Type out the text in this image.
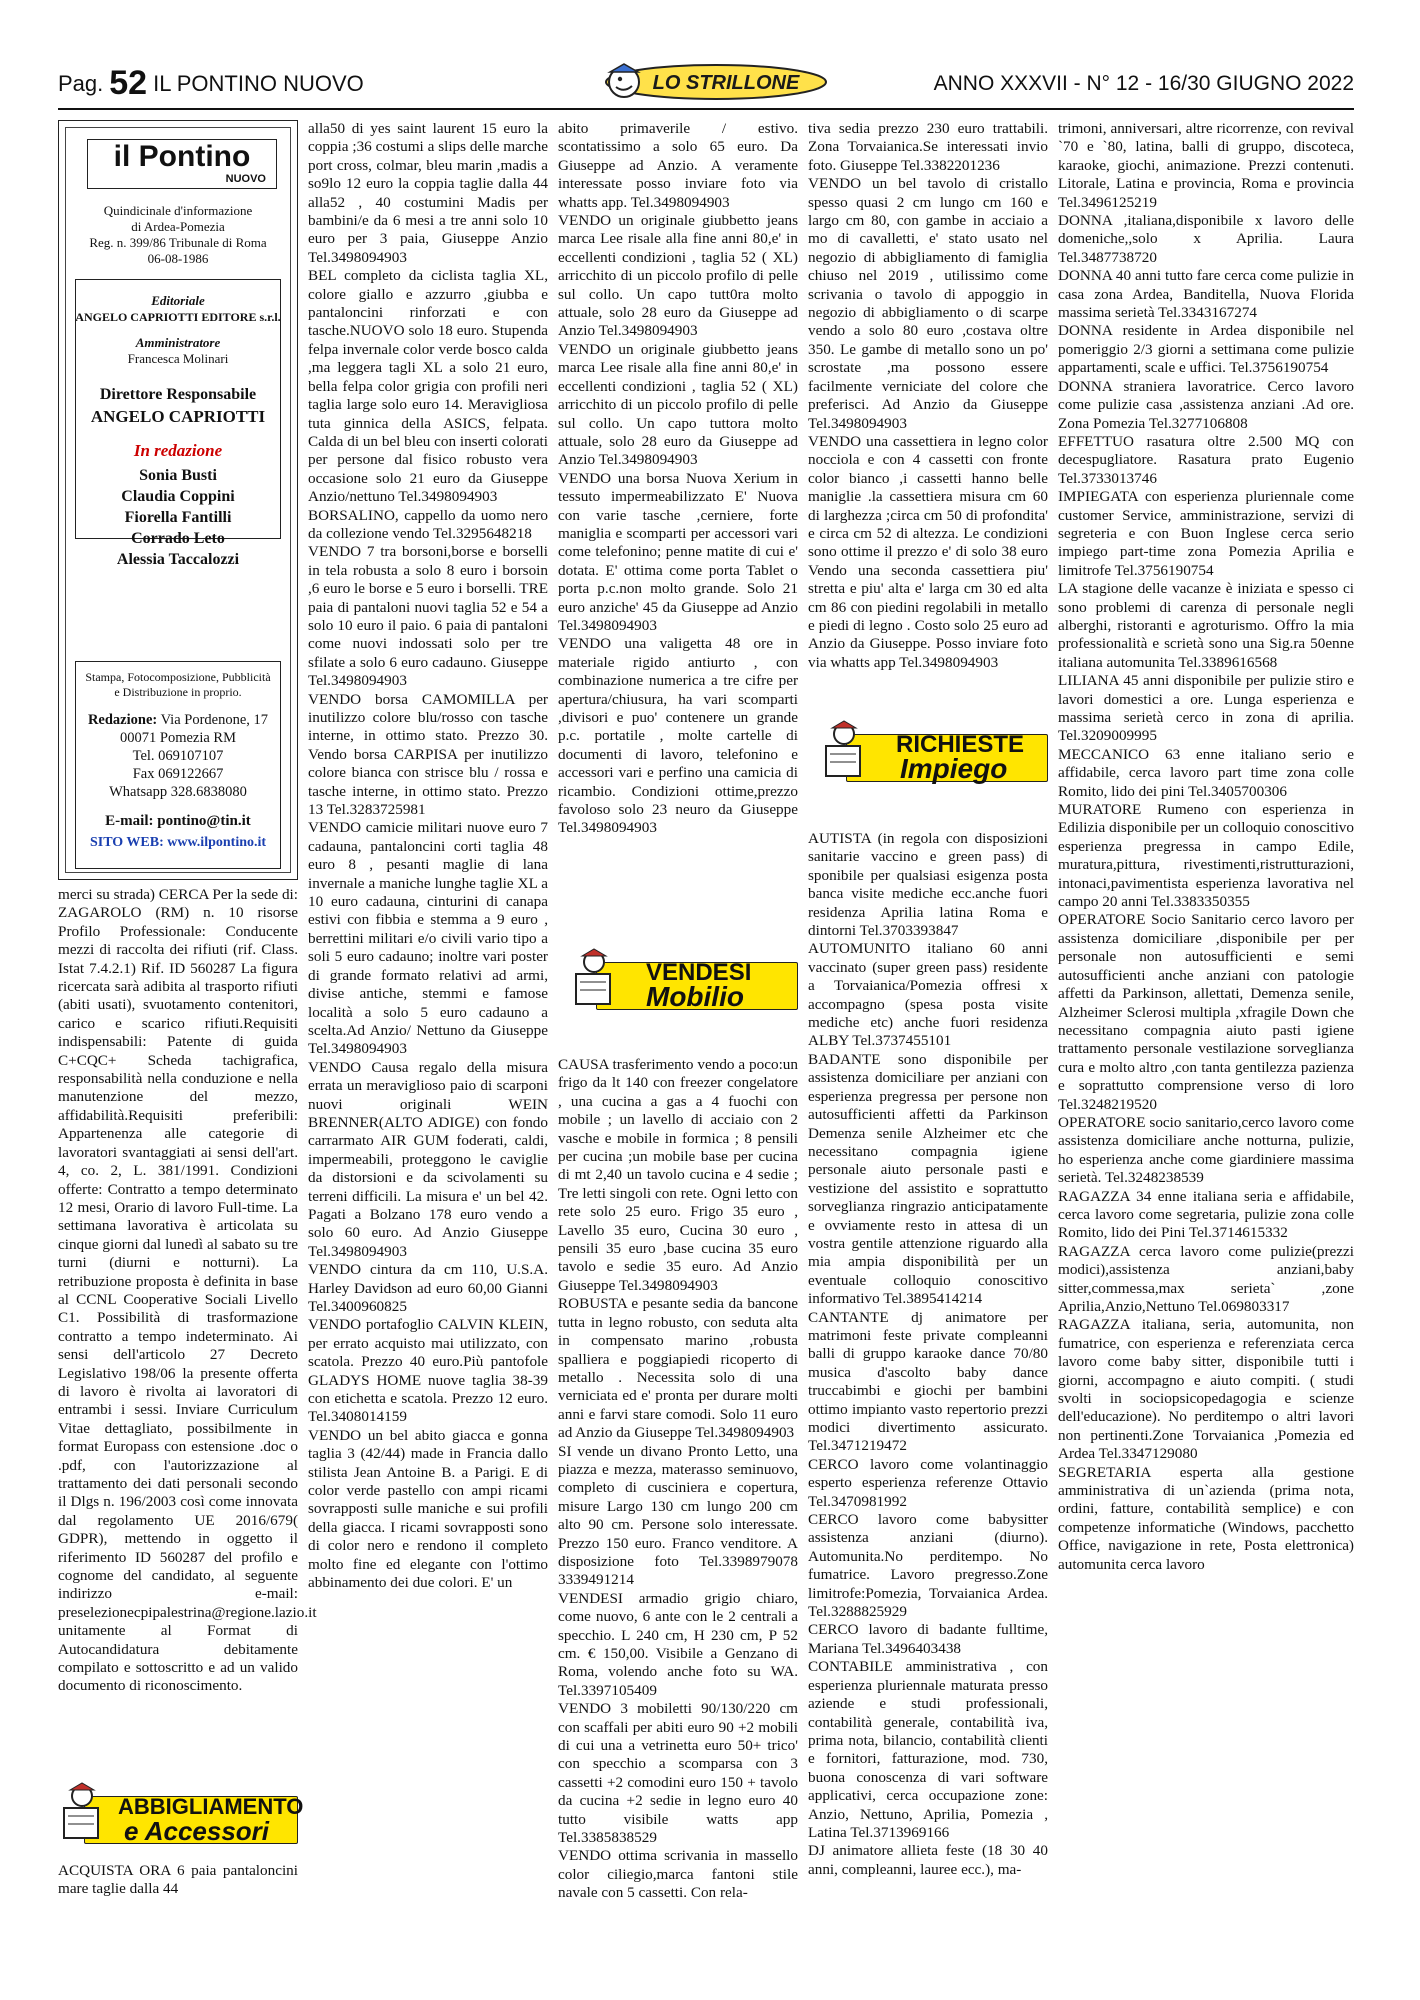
Pag. 52 IL PONTINO NUOVO	LO STRILLONE	ANNO XXXVII - N° 12 - 16/30 GIUGNO 2022
il Pontino
NUOVO
Quindicinale d'informazione
di Ardea-Pomezia
Reg. n. 399/86 Tribunale di Roma
06-08-1986
Editoriale
ANGELO CAPRIOTTI EDITORE s.r.l.
Amministratore
Francesca Molinari
Direttore Responsabile
ANGELO CAPRIOTTI
In redazione
Sonia Busti
Claudia Coppini
Fiorella Fantilli
Corrado Leto
Alessia Taccalozzi
Stampa, Fotocomposizione, Pubblicità
e Distribuzione in proprio.
Redazione: Via Pordenone, 17
00071 Pomezia RM
Tel. 069107107
Fax 069122667
Whatsapp 328.6838080
E-mail: pontino@tin.it
SITO WEB: www.ilpontino.it

merci su strada) CERCA Per la sede di: ZAGAROLO (RM) n. 10 risorse Profilo Professionale: Conducente mezzi di raccolta dei rifiuti (rif. Class. Istat 7.4.2.1) Rif. ID 560287 La figura ricercata sarà adibita al trasporto rifiuti (abiti usati), svuotamento contenitori, carico e scarico rifiuti.Requisiti indispensabili: Patente di guida C+CQC+ Scheda tachigrafica, responsabilità nella conduzione e nella manutenzione del mezzo, affidabilità.Requisiti preferibili: Appartenenza alle categorie di lavoratori svantaggiati ai sensi dell'art. 4, co. 2, L. 381/1991. Condizioni offerte: Contratto a tempo determinato 12 mesi, Orario di lavoro Full-time. La settimana lavorativa è articolata su cinque giorni dal lunedì al sabato su tre turni (diurni e notturni). La retribuzione proposta è definita in base al CCNL Cooperative Sociali Livello C1. Possibilità di trasformazione contratto a tempo indeterminato. Ai sensi dell'articolo 27 Decreto Legislativo 198/06 la presente offerta di lavoro è rivolta ai lavoratori di entrambi i sessi. Inviare Curriculum Vitae dettagliato, possibilmente in format Europass con estensione .doc o .pdf, con l'autorizzazione al trattamento dei dati personali secondo il Dlgs n. 196/2003 così come innovata dal regolamento UE 2016/679( GDPR), mettendo in oggetto il riferimento ID 560287 del profilo e cognome del candidato, al seguente indirizzo e-mail: preselezionecpipalestrina@regione.lazio.it unitamente al Format di Autocandidatura debitamente compilato e sottoscritto e ad un valido documento di riconoscimento.

ABBIGLIAMENTO
e Accessori

ACQUISTA ORA 6 paia pantaloncini mare taglie dalla 44

alla50 di yes saint laurent 15 euro la coppia ;36 costumi a slips delle marche port cross, colmar, bleu marin ,madis a so9lo 12 euro la coppia taglie dalla 44 alla52 , 40 costumini Madis per bambini/e da 6 mesi a tre anni solo 10 euro per 3 paia, Giuseppe Anzio Tel.3498094903

BEL completo da ciclista taglia XL, colore giallo e azzurro ,giubba e pantaloncini rinforzati e con tasche.NUOVO solo 18 euro. Stupenda felpa invernale color verde bosco calda ,ma leggera tagli XL a solo 21 euro, bella felpa color grigia con profili neri taglia large solo euro 14. Meravigliosa tuta ginnica della ASICS, felpata. Calda di un bel bleu con inserti colorati per persone dal fisico robusto vera occasione solo 21 euro da Giuseppe Anzio/nettuno Tel.3498094903

BORSALINO, cappello da uomo nero da collezione vendo Tel.3295648218

VENDO 7 tra borsoni,borse e borselli in tela robusta a solo 8 euro i borsoin ,6 euro le borse e 5 euro i borselli. TRE paia di pantaloni nuovi taglia 52 e 54 a solo 10 euro il paio. 6 paia di pantaloni come nuovi indossati solo per tre sfilate a solo 6 euro cadauno. Giuseppe Tel.3498094903

VENDO borsa CAMOMILLA per inutilizzo colore blu/rosso con tasche interne, in ottimo stato. Prezzo 30. Vendo borsa CARPISA per inutilizzo colore bianca con strisce blu / rossa e tasche interne, in ottimo stato. Prezzo 13 Tel.3283725981

VENDO camicie militari nuove euro 7 cadauna, pantaloncini corti taglia 48 euro 8 , pesanti maglie di lana invernale a maniche lunghe taglie XL a 10 euro cadauna, cinturini di canapa estivi con fibbia e stemma a 9 euro , berrettini militari e/o civili vario tipo a soli 5 euro cadauno; inoltre vari poster di grande formato relativi ad armi, divise antiche, stemmi e famose località a solo 5 euro cadauno a scelta.Ad Anzio/ Nettuno da Giuseppe Tel.3498094903

VENDO Causa regalo della misura errata un meraviglioso paio di scarponi nuovi originali WEIN BRENNER(ALTO ADIGE) con fondo carrarmato AIR GUM foderati, caldi, impermeabili, proteggono le caviglie da distorsioni e da scivolamenti su terreni difficili. La misura e' un bel 42. Pagati a Bolzano 178 euro vendo a solo 60 euro. Ad Anzio Giuseppe Tel.3498094903

VENDO cintura da cm 110, U.S.A. Harley Davidson ad euro 60,00 Gianni Tel.3400960825

VENDO portafoglio CALVIN KLEIN, per errato acquisto mai utilizzato, con scatola. Prezzo 40 euro.Più pantofole GLADYS HOME nuove taglia 38-39 con etichetta e scatola. Prezzo 12 euro. Tel.3408014159

VENDO un bel abito giacca e gonna taglia 3 (42/44) made in Francia dallo stilista Jean Antoine B. a Parigi. E di color verde pastello con ampi ricami sovrapposti sulle maniche e sui profili della giacca. I ricami sovrapposti sono di color nero e rendono il completo molto fine ed elegante con l'ottimo abbinamento dei due colori. E' un

abito primaverile / estivo. scontatissimo a solo 65 euro. Da Giuseppe ad Anzio. A veramente interessate posso inviare foto via whatts app. Tel.3498094903

VENDO un originale giubbetto jeans marca Lee risale alla fine anni 80,e' in eccellenti condizioni , taglia 52 ( XL) arricchito di un piccolo profilo di pelle sul collo. Un capo tutt0ra molto attuale, solo 28 euro da Giuseppe ad Anzio Tel.3498094903

VENDO un originale giubbetto jeans marca Lee risale alla fine anni 80,e' in eccellenti condizioni , taglia 52 ( XL) arricchito di un piccolo profilo di pelle sul collo. Un capo tuttora molto attuale, solo 28 euro da Giuseppe ad Anzio Tel.3498094903

VENDO una borsa Nuova Xerium in tessuto impermeabilizzato E' Nuova con varie tasche ,cerniere, forte maniglia e scomparti per accessori vari come telefonino; penne matite di cui e' dotata. E' ottima come porta Tablet o porta p.c.non molto grande. Solo 21 euro anziche' 45 da Giuseppe ad Anzio Tel.3498094903

VENDO una valigetta 48 ore in materiale rigido antiurto , con combinazione numerica a tre cifre per apertura/chiusura, ha vari scomparti ,divisori e puo' contenere un grande p.c. portatile , molte cartelle di documenti di lavoro, telefonino e accessori vari e perfino una camicia di ricambio. Condizioni ottime,prezzo favoloso solo 23 neuro da Giuseppe Tel.3498094903

VENDESI
Mobilio

CAUSA trasferimento vendo a poco:un frigo da lt 140 con freezer congelatore , una cucina a gas a 4 fuochi con mobile ; un lavello di acciaio con 2 vasche e mobile in formica ; 8 pensili per cucina ;un mobile base per cucina di mt 2,40 un tavolo cucina e 4 sedie ; Tre letti singoli con rete. Ogni letto con rete solo 25 euro. Frigo 35 euro , Lavello 35 euro, Cucina 30 euro , pensili 35 euro ,base cucina 35 euro tavolo e sedie 35 euro. Ad Anzio Giuseppe Tel.3498094903

ROBUSTA e pesante sedia da bancone tutta in legno robusto, con seduta alta in compensato marino ,robusta spalliera e poggiapiedi ricoperto di metallo . Necessita solo di una verniciata ed e' pronta per durare molti anni e farvi stare comodi. Solo 11 euro ad Anzio da Giuseppe Tel.3498094903

SI vende un divano Pronto Letto, una piazza e mezza, materasso seminuovo, completo di cusciniera e copertura, misure Largo 130 cm lungo 200 cm alto 90 cm. Persone solo interessate. Prezzo 150 euro. Franco venditore. A disposizione foto Tel.3398979078 3339491214

VENDESI armadio grigio chiaro, come nuovo, 6 ante con le 2 centrali a specchio. L 240 cm, H 230 cm, P 52 cm. € 150,00. Visibile a Genzano di Roma, volendo anche foto su WA. Tel.3397105409

VENDO 3 mobiletti 90/130/220 cm con scaffali per abiti euro 90 +2 mobili di cui una a vetrinetta euro 50+ trico' con specchio a scomparsa con 3 cassetti +2 comodini euro 150 + tavolo da cucina +2 sedie in legno euro 40 tutto visibile watts app Tel.3385838529

VENDO ottima scrivania in massello color ciliegio,marca fantoni stile navale con 5 cassetti. Con rela-

tiva sedia prezzo 230 euro trattabili. Zona Torvaianica.Se interessati invio foto. Giuseppe Tel.3382201236

VENDO un bel tavolo di cristallo spesso quasi 2 cm lungo cm 160 e largo cm 80, con gambe in acciaio a mo di cavalletti, e' stato usato nel negozio di abbigliamento di famiglia chiuso nel 2019 , utilissimo come scrivania o tavolo di appoggio in negozio di abbigliamento o di scarpe vendo a solo 80 euro ,costava oltre 350. Le gambe di metallo sono un po' scrostate ,ma possono essere facilmente verniciate del colore che preferisci. Ad Anzio da Giuseppe Tel.3498094903

VENDO una cassettiera in legno color nocciola e con 4 cassetti con fronte color bianco ,i cassetti hanno belle maniglie .la cassettiera misura cm 60 di larghezza ;circa cm 50 di profondita' e circa cm 52 di altezza. Le condizioni sono ottime il prezzo e' di solo 38 euro Vendo una seconda cassettiera piu' stretta e piu' alta e' larga cm 30 ed alta cm 86 con piedini regolabili in metallo e piedi di legno . Costo solo 25 euro ad Anzio da Giuseppe. Posso inviare foto via whatts app Tel.3498094903

RICHIESTE
Impiego

AUTISTA (in regola con disposizioni sanitarie vaccino e green pass) di sponibile per qualsiasi esigenza posta banca visite mediche ecc.anche fuori residenza Aprilia latina Roma e dintorni Tel.3703393847

AUTOMUNITO italiano 60 anni vaccinato (super green pass) residente a Torvaianica/Pomezia offresi x accompagno (spesa posta visite mediche etc) anche fuori residenza ALBY Tel.3737455101

BADANTE sono disponibile per assistenza domiciliare per anziani con esperienza pregressa per persone non autosufficienti affetti da Parkinson Demenza senile Alzheimer etc che necessitano compagnia igiene personale aiuto personale pasti e vestizione del assistito e soprattutto sorveglianza ringrazio anticipatamente e ovviamente resto in attesa di un vostra gentile attenzione riguardo alla mia ampia disponibilità per un eventuale colloquio conoscitivo informativo Tel.3895414214

CANTANTE dj animatore per matrimoni feste private compleanni balli di gruppo karaoke dance 70/80 musica d'ascolto baby dance truccabimbi e giochi per bambini ottimo impianto vasto repertorio prezzi modici divertimento assicurato. Tel.3471219472

CERCO lavoro come volantinaggio esperto esperienza referenze Ottavio Tel.3470981992

CERCO lavoro come babysitter assistenza anziani (diurno). Automunita.No perditempo. No fumatrice. Lavoro pregresso.Zone limitrofe:Pomezia, Torvaianica Ardea. Tel.3288825929

CERCO lavoro di badante fulltime, Mariana Tel.3496403438

CONTABILE amministrativa , con esperienza pluriennale maturata presso aziende e studi professionali, contabilità generale, contabilità iva, prima nota, bilancio, contabilità clienti e fornitori, fatturazione, mod. 730, buona conoscenza di vari software applicativi, cerca occupazione zone: Anzio, Nettuno, Aprilia, Pomezia , Latina Tel.3713969166

DJ animatore allieta feste (18 30 40 anni, compleanni, lauree ecc.), ma-

trimoni, anniversari, altre ricorrenze, con revival `70 e `80, latina, balli di gruppo, discoteca, karaoke, giochi, animazione. Prezzi contenuti. Litorale, Latina e provincia, Roma e provincia Tel.3496125219

DONNA ,italiana,disponibile x lavoro delle domeniche,,solo x Aprilia. Laura Tel.3487738720

DONNA 40 anni tutto fare cerca come pulizie in casa zona Ardea, Banditella, Nuova Florida massima serietà Tel.3343167274

DONNA residente in Ardea disponibile nel pomeriggio 2/3 giorni a settimana come pulizie appartamenti, scale e uffici. Tel.3756190754

DONNA straniera lavoratrice. Cerco lavoro come pulizie casa ,assistenza anziani .Ad ore. Zona Pomezia Tel.3277106808

EFFETTUO rasatura oltre 2.500 MQ con decespugliatore. Rasatura prato Eugenio Tel.3733013746

IMPIEGATA con esperienza pluriennale come customer Service, amministrazione, servizi di segreteria e con Buon Inglese cerca serio impiego part-time zona Pomezia Aprilia e limitrofe Tel.3756190754

LA stagione delle vacanze è iniziata e spesso ci sono problemi di carenza di personale negli alberghi, ristoranti e agroturismo. Offro la mia professionalità e scrietà sono una Sig.ra 50enne italiana automunita Tel.3389616568

LILIANA 45 anni disponibile per pulizie stiro e lavori domestici a ore. Lunga esperienza e massima serietà cerco in zona di aprilia. Tel.3209009995

MECCANICO 63 enne italiano serio e affidabile, cerca lavoro part time zona colle Romito, lido dei pini Tel.3405700306

MURATORE Rumeno con esperienza in Edilizia disponibile per un colloquio conoscitivo esperienza pregressa in campo Edile, muratura,pittura, rivestimenti,ristrutturazioni, intonaci,pavimentista esperienza lavorativa nel campo 20 anni Tel.3383350355

OPERATORE Socio Sanitario cerco lavoro per assistenza domiciliare ,disponibile per per personale non autosufficienti e semi autosufficienti anche anziani con patologie affetti da Parkinson, allettati, Demenza senile, Alzheimer Sclerosi multipla ,xfragile Down che necessitano compagnia aiuto pasti igiene trattamento personale vestilazione sorveglianza cura e molto altro ,con tanta gentilezza pazienza e soprattutto comprensione verso di loro Tel.3248219520

OPERATORE socio sanitario,cerco lavoro come assistenza domiciliare anche notturna, pulizie, ho esperienza anche come giardiniere massima serietà. Tel.3248238539

RAGAZZA 34 enne italiana seria e affidabile, cerca lavoro come segretaria, pulizie zona colle Romito, lido dei Pini Tel.3714615332

RAGAZZA cerca lavoro come pulizie(prezzi modici),assistenza anziani,baby sitter,commessa,max serieta` ,zone Aprilia,Anzio,Nettuno Tel.069803317

RAGAZZA italiana, seria, automunita, non fumatrice, con esperienza e referenziata cerca lavoro come baby sitter, disponibile tutti i giorni, accompagno e aiuto compiti. ( studi svolti in sociopsicopedagogia e scienze dell'educazione). No perditempo o altri lavori non pertinenti.Zone Torvaianica ,Pomezia ed Ardea Tel.3347129080

SEGRETARIA esperta alla gestione amministrativa di un`azienda (prima nota, ordini, fatture, contabilità semplice) e con competenze informatiche (Windows, pacchetto Office, navigazione in rete, Posta elettronica) automunita cerca lavoro
